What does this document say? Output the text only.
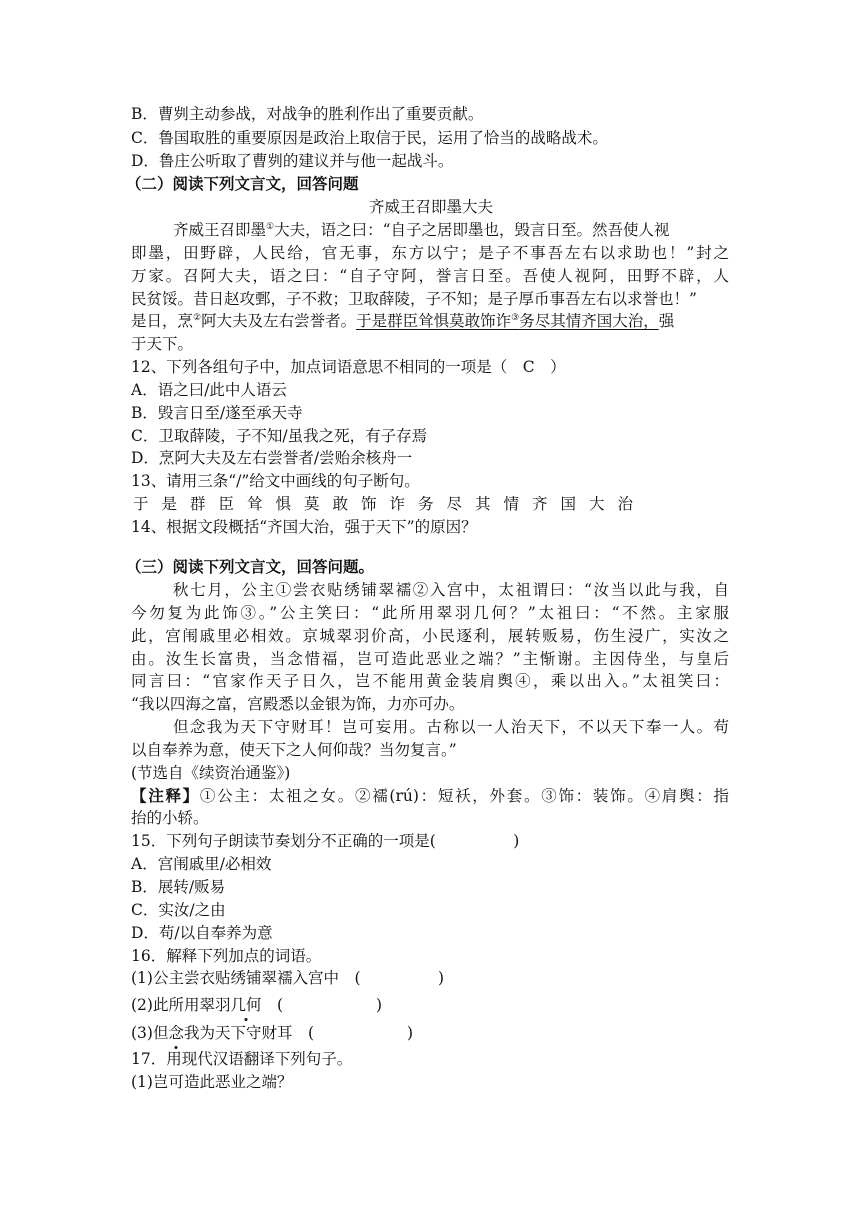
B．曹刿主动参战，对战争的胜利作出了重要贡献。
C．鲁国取胜的重要原因是政治上取信于民，运用了恰当的战略战术。
D．鲁庄公听取了曹刿的建议并与他一起战斗。
（二）阅读下列文言文，回答问题
齐威王召即墨大夫
齐威王召即墨①大夫，语之曰：“自子之居即墨也，毁言日至。然吾使人视
即墨，田野辟，人民给，官无事，东方以宁；是子不事吾左右以求助也！”封之
万家。召阿大夫，语之曰：“自子守阿，誉言日至。吾使人视阿，田野不辟，人
民贫馁。昔日赵攻鄄，子不救；卫取薛陵，子不知；是子厚币事吾左右以求誉也！”
是日，烹②阿大夫及左右尝誉者。于是群臣耸惧莫敢饰诈③务尽其情齐国大治，强
于天下。
12、下列各组句子中，加点词语意思不相同的一项是（　C　）
A．语之曰/此中人语云
B．毁言日至/遂至承天寺
C．卫取薛陵，子不知/虽我之死，有子存焉
D．烹阿大夫及左右尝誉者/尝贻余核舟一
13、请用三条“/”给文中画线的句子断句。
于是群臣耸惧莫敢饰诈务尽其情齐国大治
14、根据文段概括“齐国大治，强于天下”的原因？
（三）阅读下列文言文，回答问题。
秋七月，公主①尝衣贴绣铺翠襦②入宫中，太祖谓曰：“汝当以此与我，自
今勿复为此饰③。”公主笑曰：“此所用翠羽几何？”太祖曰：“不然。主家服
此，宫闱戚里必相效。京城翠羽价高，小民逐利，展转贩易，伤生浸广，实汝之
由。汝生长富贵，当念惜福，岂可造此恶业之端？”主惭谢。主因侍坐，与皇后
同言曰：“官家作天子日久，岂不能用黄金装肩舆④，乘以出入。”太祖笑曰：
“我以四海之富，宫殿悉以金银为饰，力亦可办。
但念我为天下守财耳！岂可妄用。古称以一人治天下，不以天下奉一人。苟
以自奉养为意，使天下之人何仰哉？当勿复言。”
(节选自《续资治通鉴》)
【注释】①公主：太祖之女。②襦(rú)：短袄，外套。③饰：装饰。④肩舆：指
抬的小轿。
15．下列句子朗读节奏划分不正确的一项是(　　　　　)
A．宫闱戚里/必相效
B．展转/贩易
C．实汝/之由
D．苟/以自奉养为意
16．解释下列加点的词语。
(1)公主尝衣贴绣铺翠襦入宫中　(　　　　　)
(2)此所用翠羽几何　(　　　　　　)
(3)但念我为天下守财耳　(　　　　　　)
17．用现代汉语翻译下列句子。
(1)岂可造此恶业之端？
